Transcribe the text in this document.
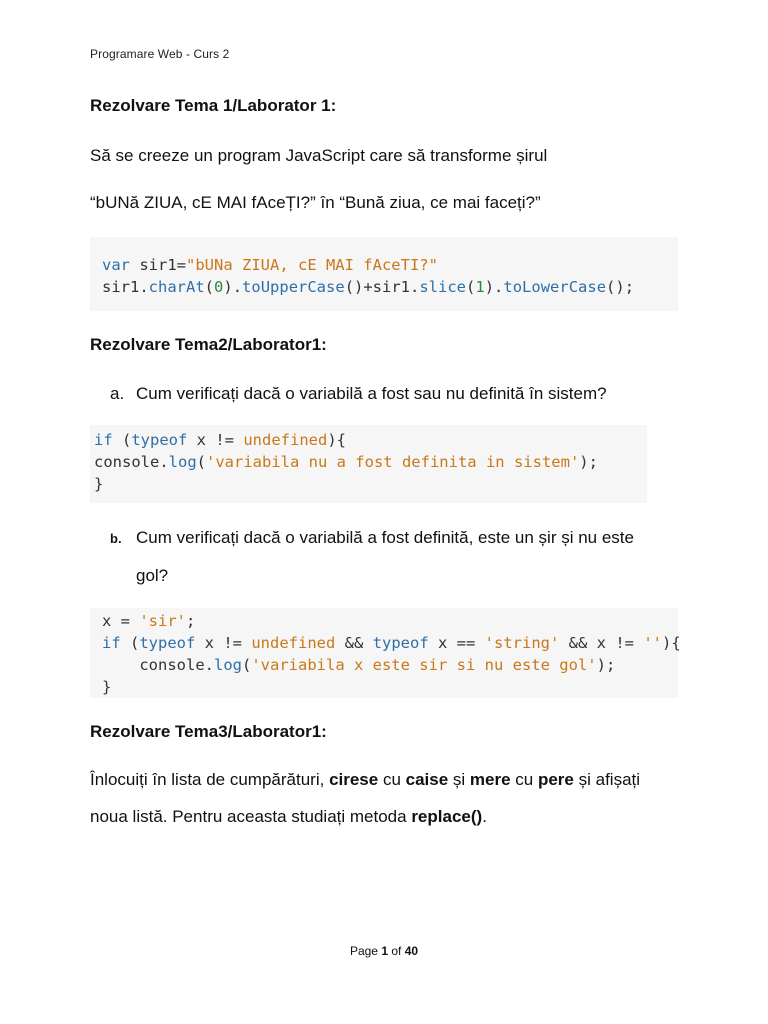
Programare Web - Curs 2
Rezolvare Tema 1/Laborator 1:
Să se creeze un program JavaScript care să transforme șirul
“bUNă ZIUA, cE MAI fAceȚI?” în “Bună ziua, ce mai faceți?”
var sir1="bUNa ZIUA, cE MAI fAceTI?"
sir1.charAt(0).toUpperCase()+sir1.slice(1).toLowerCase();
Rezolvare Tema2/Laborator1:
a. Cum verificați dacă o variabilă a fost sau nu definită în sistem?
if (typeof x != undefined){
console.log('variabila nu a fost definita in sistem');
}
b. Cum verificați dacă o variabilă a fost definită, este un șir și nu este
gol?
x = 'sir';
if (typeof x != undefined && typeof x == 'string' && x != ''){
console.log('variabila x este sir si nu este gol');
}
Rezolvare Tema3/Laborator1:
Înlocuiți în lista de cumpărături, cirese cu caise și mere cu pere și afișați
noua listă. Pentru aceasta studiați metoda replace().
Page 1 of 40
